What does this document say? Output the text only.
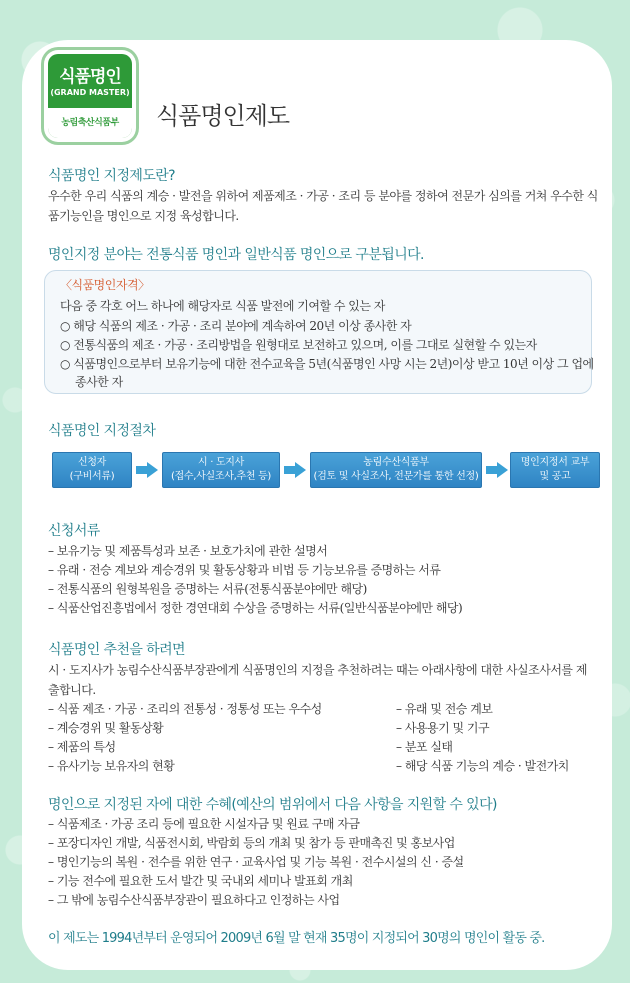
식품명인
(GRAND MASTER)
농림축산식품부	식품명인제도
식품명인 지정제도란?
우수한 우리 식품의 계승 · 발전을 위하여 제품제조 · 가공 · 조리 등 분야를 정하여 전문가 심의를 거쳐 우수한 식품기능인을 명인으로 지정 육성합니다.
명인지정 분야는 전통식품 명인과 일반식품 명인으로 구분됩니다.
〈식품명인자격〉
다음 중 각호 어느 하나에 해당자로 식품 발전에 기여할 수 있는 자
○ 해당 식품의 제조 · 가공 · 조리 분야에 계속하여 20년 이상 종사한 자
○ 전통식품의 제조 · 가공 · 조리방법을 원형대로 보전하고 있으며, 이를 그대로 실현할 수 있는자
○ 식품명인으로부터 보유기능에 대한 전수교육을 5년(식품명인 사망 시는 2년)이상 받고 10년 이상 그 업에
종사한 자
식품명인 지정절차
신청자
(구비서류)
시 · 도지사
(접수,사실조사,추천 등)
농림수산식품부
(검토 및 사실조사, 전문가를 통한 선정)
명인지정서 교부
및 공고
신청서류
– 보유기능 및 제품특성과 보존 · 보호가치에 관한 설명서
– 유래 · 전승 계보와 계승경위 및 활동상황과 비법 등 기능보유를 증명하는 서류
– 전통식품의 원형복원을 증명하는 서류(전통식품분야에만 해당)
– 식품산업진흥법에서 정한 경연대회 수상을 증명하는 서류(일반식품분야에만 해당)
식품명인 추천을 하려면
시 · 도지사가 농림수산식품부장관에게 식품명인의 지정을 추천하려는 때는 아래사항에 대한 사실조사서를 제출합니다.
– 식품 제조 · 가공 · 조리의 전통성 · 정통성 또는 우수성
– 계승경위 및 활동상황
– 제품의 특성
– 유사기능 보유자의 현황
– 유래 및 전승 계보
– 사용용기 및 기구
– 분포 실태
– 해당 식품 기능의 계승 · 발전가치
명인으로 지정된 자에 대한 수혜(예산의 범위에서 다음 사항을 지원할 수 있다)
– 식품제조 · 가공 조리 등에 필요한 시설자금 및 원료 구매 자금
– 포장디자인 개발, 식품전시회, 박람회 등의 개최 및 참가 등 판매촉진 및 홍보사업
– 명인기능의 복원 · 전수를 위한 연구 · 교육사업 및 기능 복원 · 전수시설의 신 · 증설
– 기능 전수에 필요한 도서 발간 및 국내외 세미나 발표회 개최
– 그 밖에 농림수산식품부장관이 필요하다고 인정하는 사업
이 제도는 1994년부터 운영되어 2009년 6월 말 현재 35명이 지정되어 30명의 명인이 활동 중.
